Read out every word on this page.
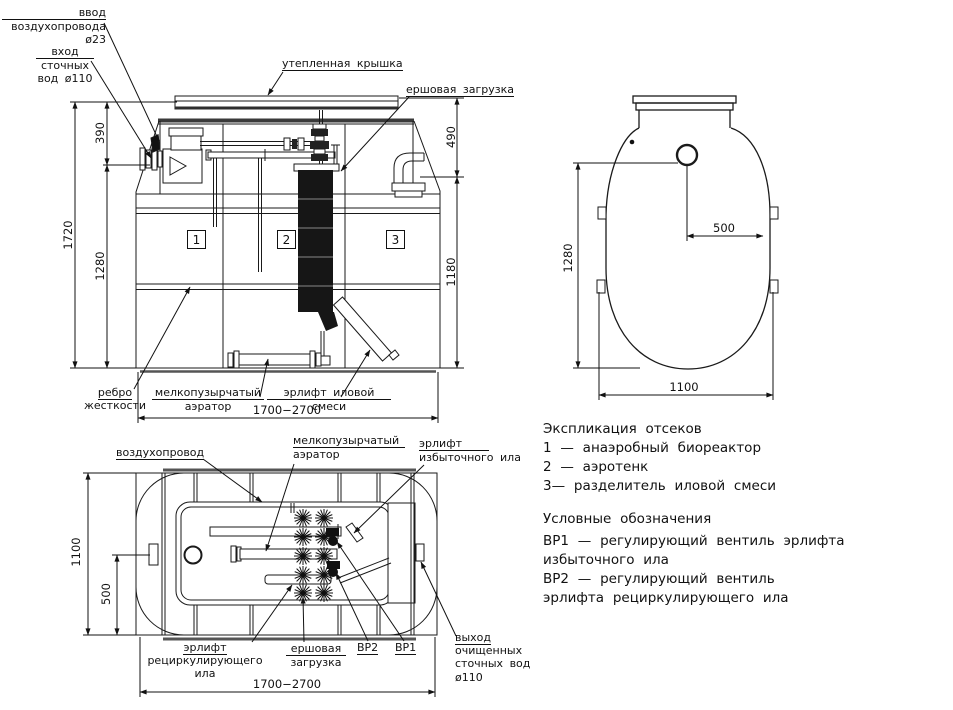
ввод
воздухопровода
ø23
вход
сточных
вод ø110
утепленная крышка
ершовая загрузка
ребро
жесткости
мелкопузырчатый
аэратор
эрлифт иловой
смеси
1	2	3
1720
390
1280
490
1180
1700−2700
500
1280
1100
воздухопровод
мелкопузырчатый
аэратор
эрлифт
избыточного ила
эрлифт
рециркулирующего
ила
ершовая
загрузка
ВР2 ВР1
выход
очищенных
сточных вод
ø110
1100
500
1700−2700
Экспликация отсеков
1 — анаэробный биореактор
2 — аэротенк
3— разделитель иловой смеси
Условные обозначения
ВР1 — регулирующий вентиль эрлифта
избыточного ила
ВР2 — регулирующий вентиль
эрлифта рециркулирующего ила
